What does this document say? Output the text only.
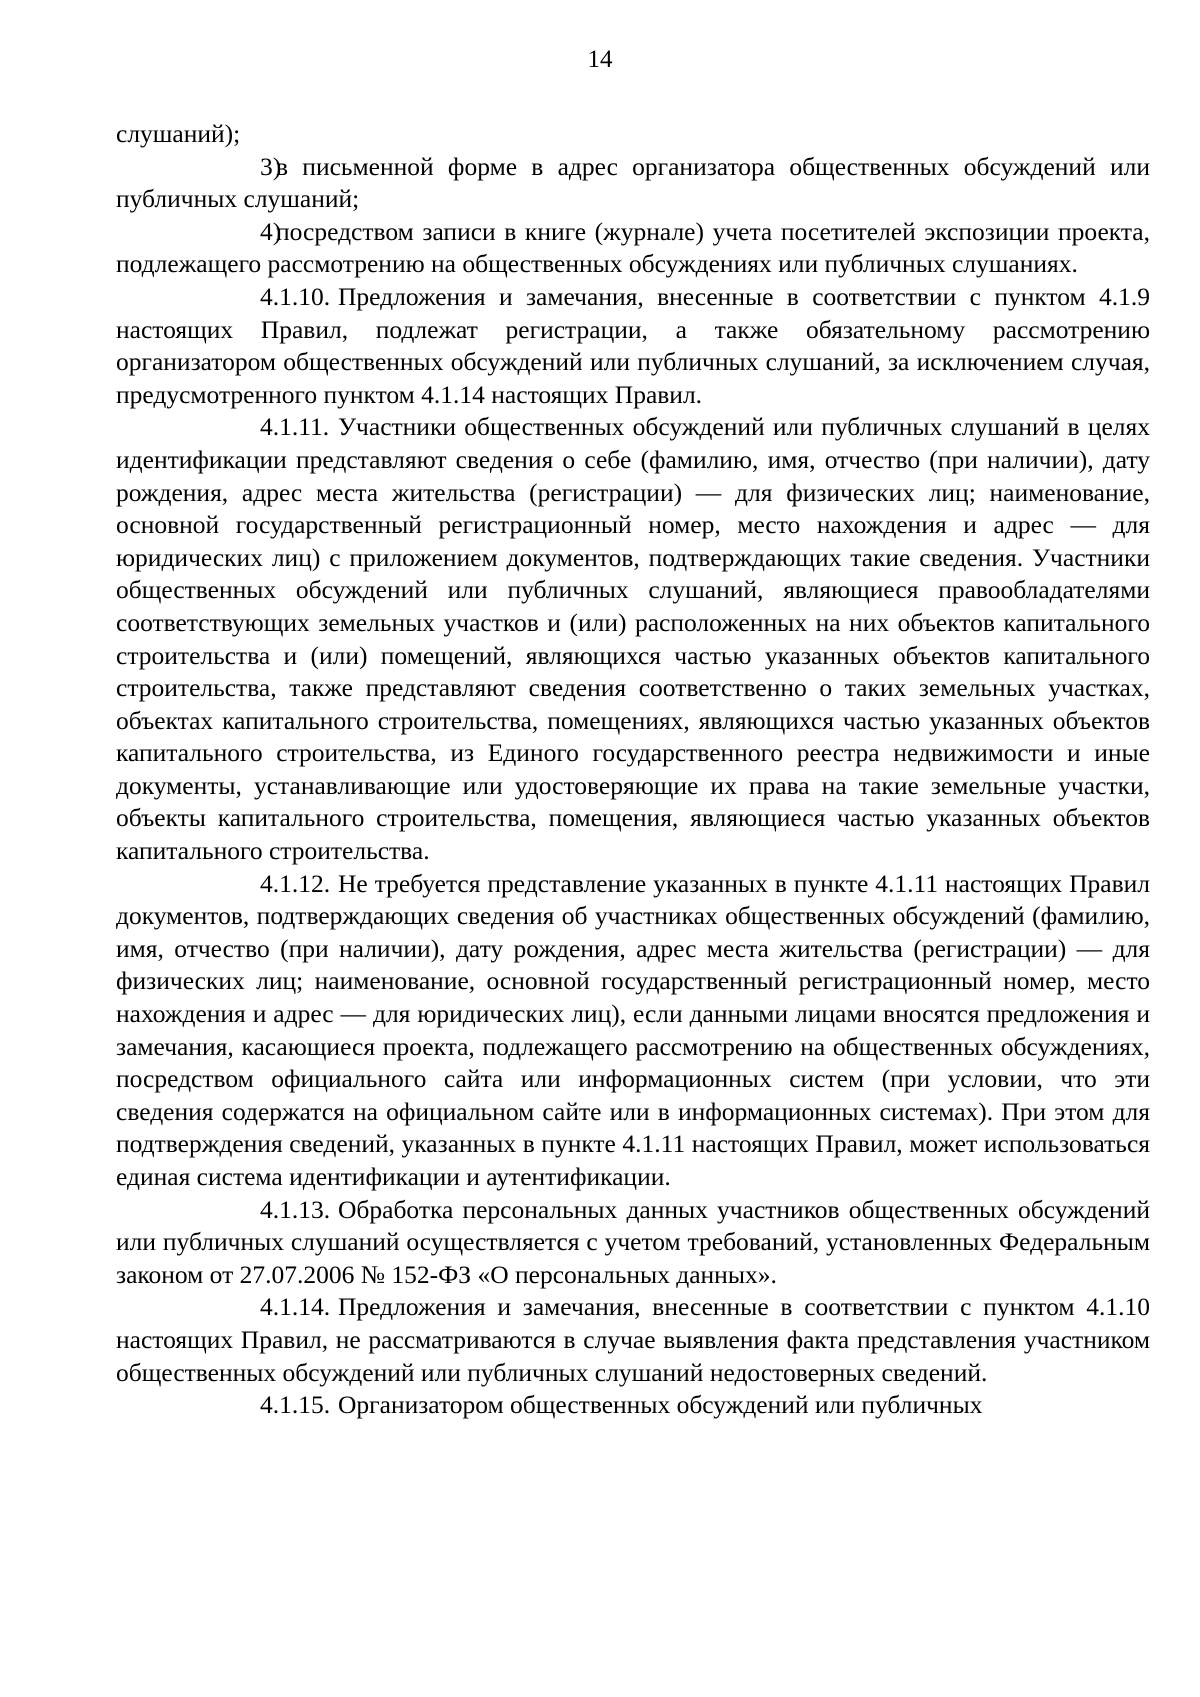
14

слушаний);

3)в письменной форме в адрес организатора общественных обсуждений или публичных слушаний;

4)посредством записи в книге (журнале) учета посетителей экспозиции проекта, подлежащего рассмотрению на общественных обсуждениях или публичных слушаниях.

4.1.10. Предложения и замечания, внесенные в соответствии с пунктом 4.1.9 настоящих Правил, подлежат регистрации, а также обязательному рассмотрению организатором общественных обсуждений или публичных слушаний, за исключением случая, предусмотренного пунктом 4.1.14 настоящих Правил.

4.1.11. Участники общественных обсуждений или публичных слушаний в целях идентификации представляют сведения о себе (фамилию, имя, отчество (при наличии), дату рождения, адрес места жительства (регистрации) — для физических лиц; наименование, основной государственный регистрационный номер, место нахождения и адрес — для юридических лиц) с приложением документов, подтверждающих такие сведения. Участники общественных обсуждений или публичных слушаний, являющиеся правообладателями соответствующих земельных участков и (или) расположенных на них объектов капитального строительства и (или) помещений, являющихся частью указанных объектов капитального строительства, также представляют сведения соответственно о таких земельных участках, объектах капитального строительства, помещениях, являющихся частью указанных объектов капитального строительства, из Единого государственного реестра недвижимости и иные документы, устанавливающие или удостоверяющие их права на такие земельные участки, объекты капитального строительства, помещения, являющиеся частью указанных объектов капитального строительства.

4.1.12. Не требуется представление указанных в пункте 4.1.11 настоящих Правил документов, подтверждающих сведения об участниках общественных обсуждений (фамилию, имя, отчество (при наличии), дату рождения, адрес места жительства (регистрации) — для физических лиц; наименование, основной государственный регистрационный номер, место нахождения и адрес — для юридических лиц), если данными лицами вносятся предложения и замечания, касающиеся проекта, подлежащего рассмотрению на общественных обсуждениях, посредством официального сайта или информационных систем (при условии, что эти сведения содержатся на официальном сайте или в информационных системах). При этом для подтверждения сведений, указанных в пункте 4.1.11 настоящих Правил, может использоваться единая система идентификации и аутентификации.

4.1.13. Обработка персональных данных участников общественных обсуждений или публичных слушаний осуществляется с учетом требований, установленных Федеральным законом от 27.07.2006 № 152-ФЗ «О персональных данных».

4.1.14. Предложения и замечания, внесенные в соответствии с пунктом 4.1.10 настоящих Правил, не рассматриваются в случае выявления факта представления участником общественных обсуждений или публичных слушаний недостоверных сведений.

4.1.15. Организатором общественных обсуждений или публичных
